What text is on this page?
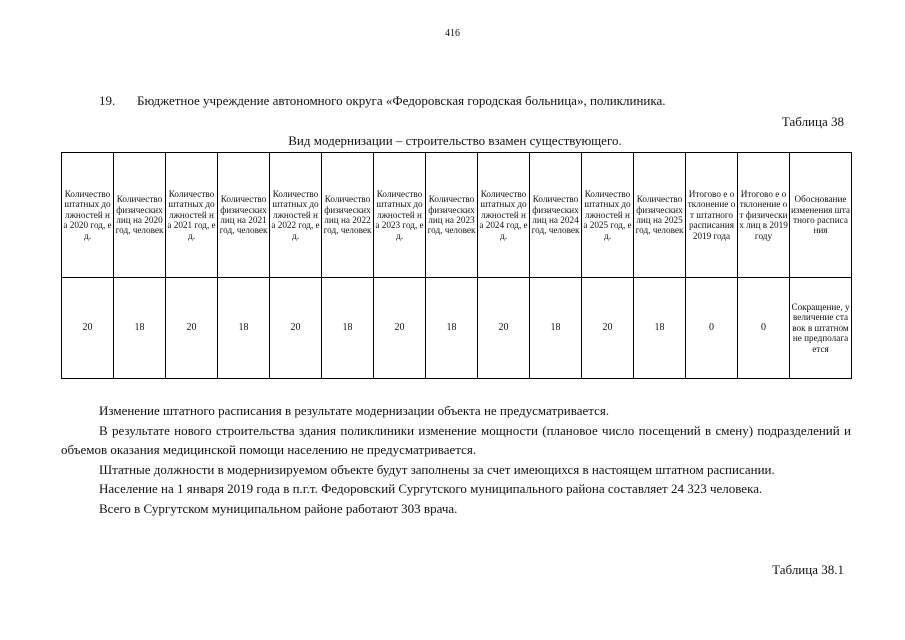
416
19. Бюджетное учреждение автономного округа «Федоровская городская больница», поликлиника.
Таблица 38
Вид модернизации – строительство взамен существующего.
Количество штатных должностей на 2020 год, ед.	Количество физических лиц на 2020 год, человек	Количество штатных должностей на 2021 год, ед.	Количество физических лиц на 2021 год, человек	Количество штатных должностей на 2022 год, ед.	Количество физических лиц на 2022 год, человек	Количество штатных должностей на 2023 год, ед.	Количество физических лиц на 2023 год, человек	Количество штатных должностей на 2024 год, ед.	Количество физических лиц на 2024 год, человек	Количество штатных должностей на 2025 год, ед.	Количество физических лиц на 2025 год, человек	Итогово е отклонение от штатного расписания 2019 года	Итогово е отклонение от физических лиц в 2019 году	Обоснование изменения штатного расписания
20	18	20	18	20	18	20	18	20	18	20	18	0	0	Сокращение, увеличение ставок в штатном не предполагается

Изменение штатного расписания в результате модернизации объекта не предусматривается.

В результате нового строительства здания поликлиники изменение мощности (плановое число посещений в смену) подразделений и объемов оказания медицинской помощи населению не предусматривается.

Штатные должности в модернизируемом объекте будут заполнены за счет имеющихся в настоящем штатном расписании.

Население на 1 января 2019 года в п.г.т. Федоровский Сургутского муниципального района составляет 24 323 человека.

Всего в Сургутском муниципальном районе работают 303 врача.

Таблица 38.1
